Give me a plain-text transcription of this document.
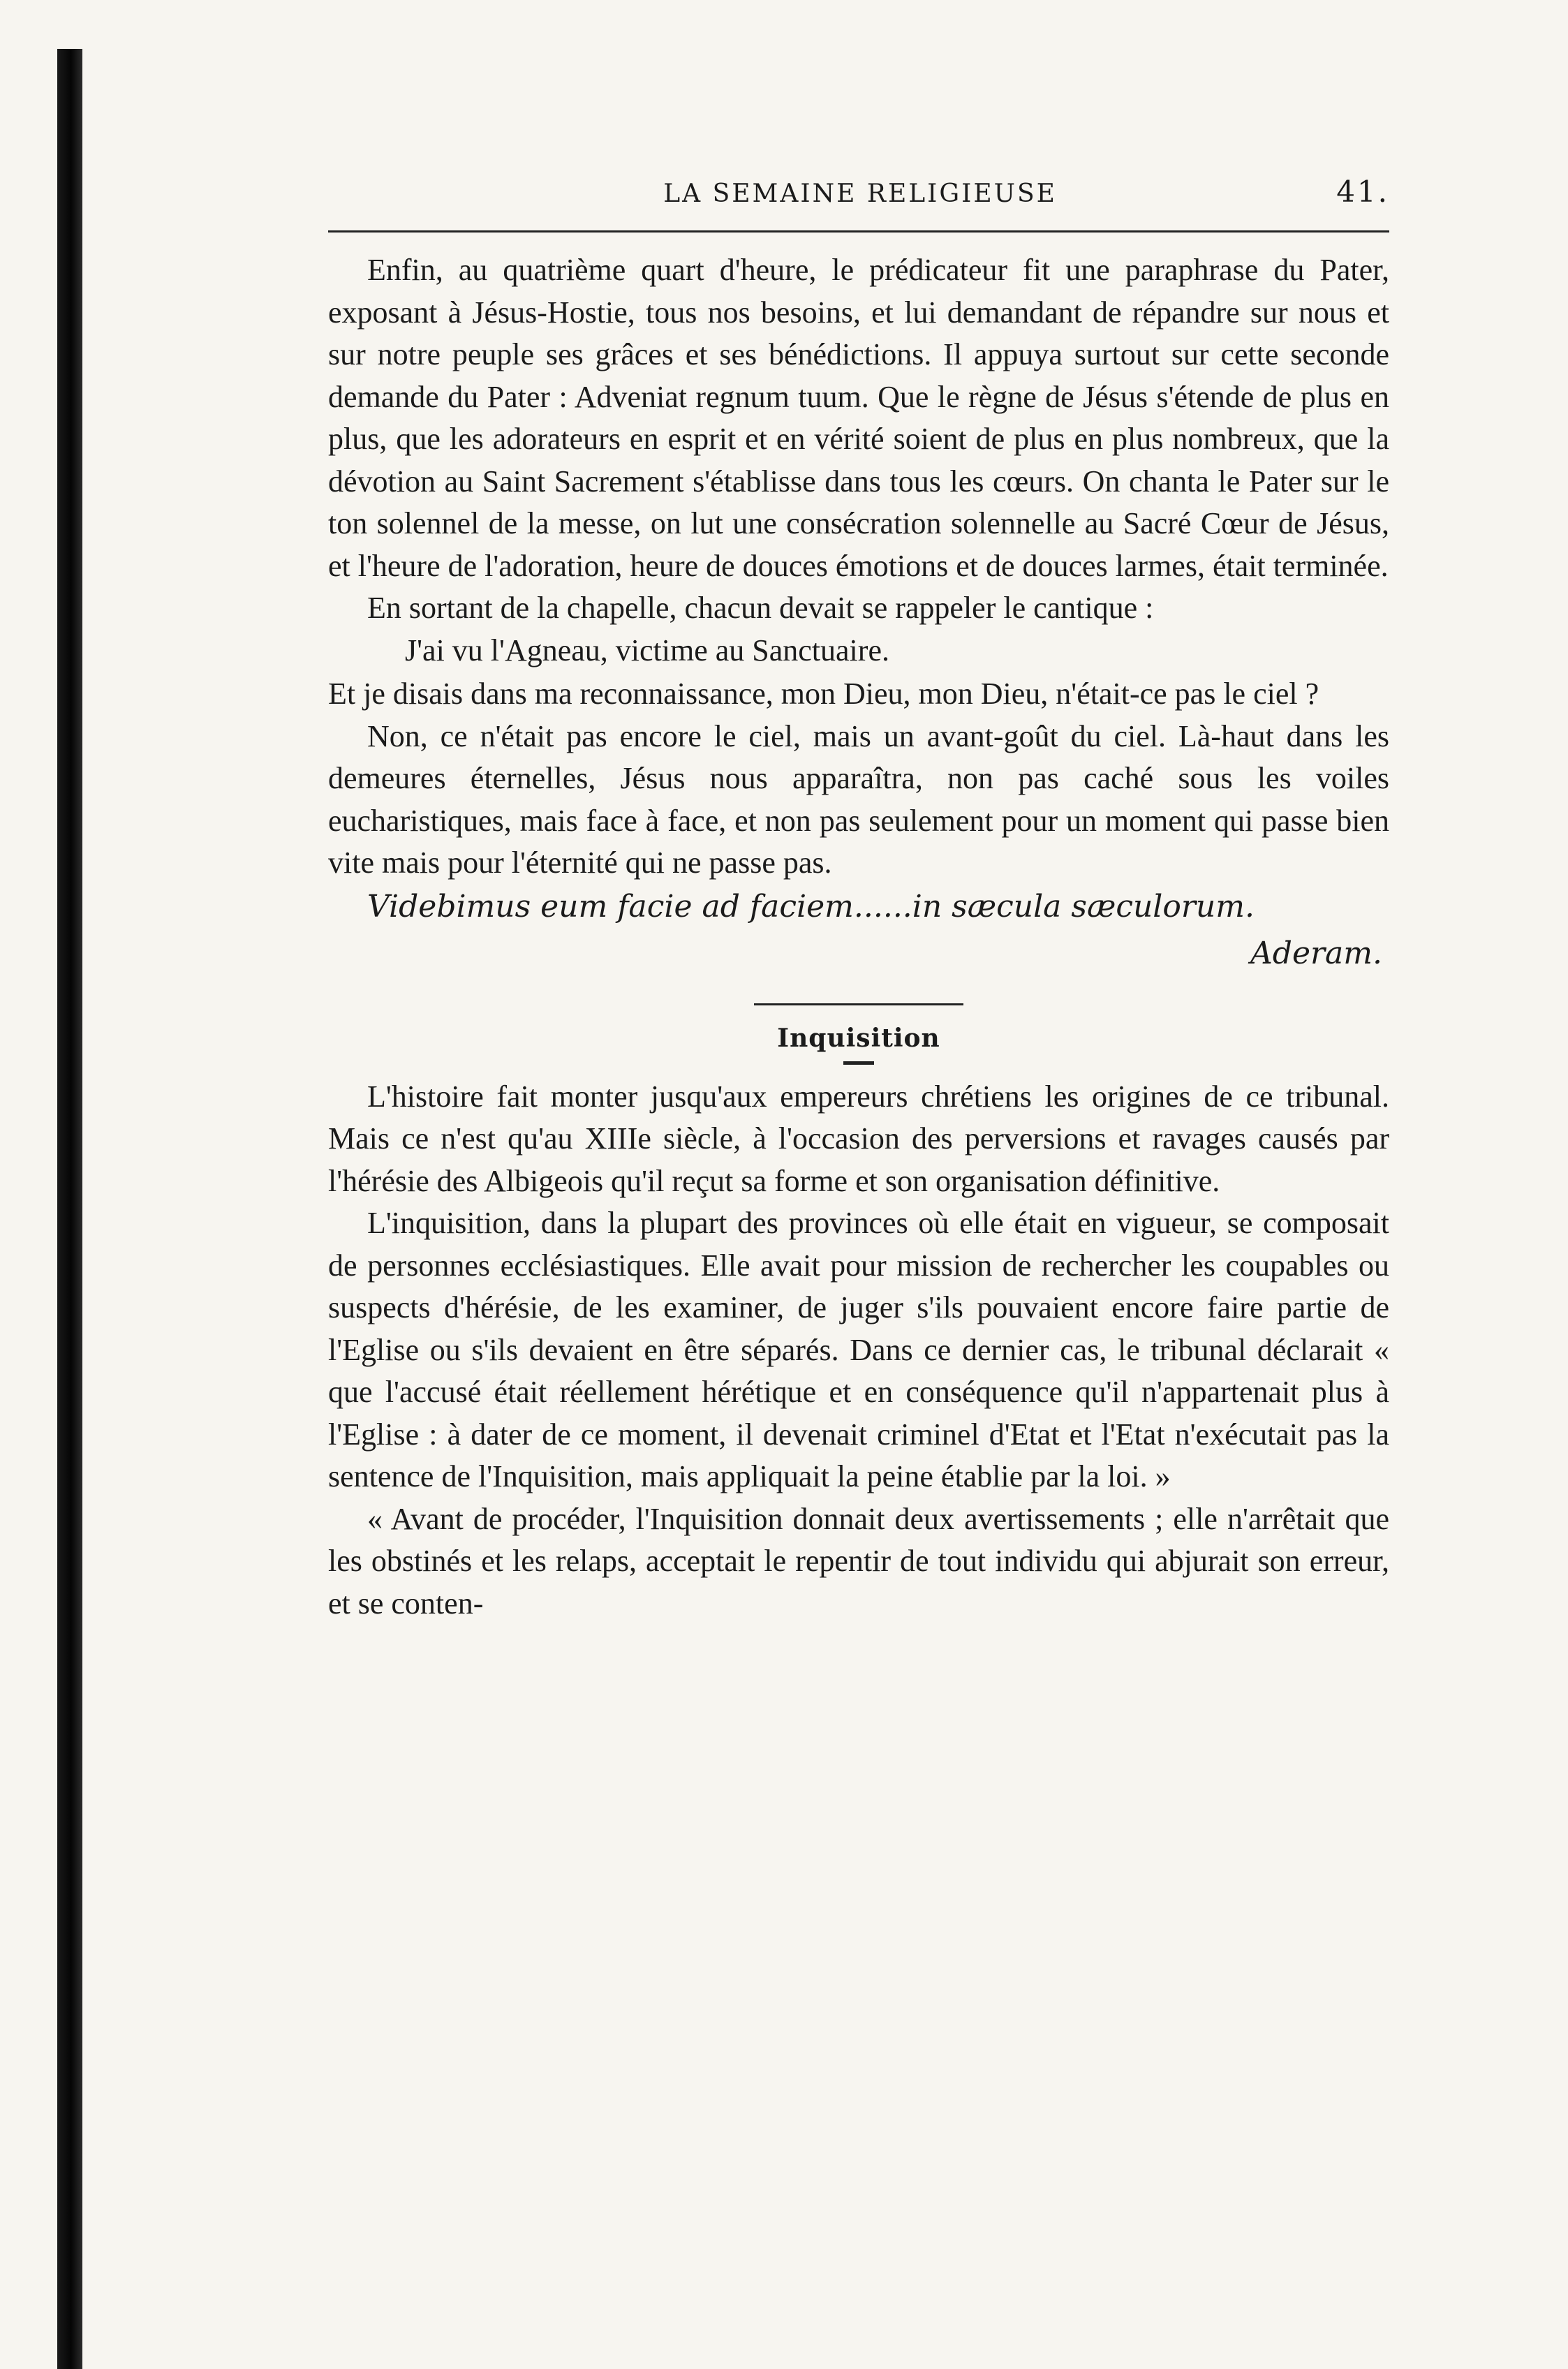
LA SEMAINE RELIGIEUSE	41.

Enfin, au quatrième quart d'heure, le prédicateur fit une paraphrase du Pater, exposant à Jésus-Hostie, tous nos besoins, et lui demandant de répandre sur nous et sur notre peuple ses grâces et ses bénédictions. Il appuya surtout sur cette seconde demande du Pater : Adveniat regnum tuum. Que le règne de Jésus s'étende de plus en plus, que les adorateurs en esprit et en vérité soient de plus en plus nombreux, que la dévotion au Saint Sacrement s'établisse dans tous les cœurs. On chanta le Pater sur le ton solennel de la messe, on lut une consécration solennelle au Sacré Cœur de Jésus, et l'heure de l'adoration, heure de douces émotions et de douces larmes, était terminée.

En sortant de la chapelle, chacun devait se rappeler le cantique :

J'ai vu l'Agneau, victime au Sanctuaire.

Et je disais dans ma reconnaissance, mon Dieu, mon Dieu, n'était-ce pas le ciel ?

Non, ce n'était pas encore le ciel, mais un avant-goût du ciel. Là-haut dans les demeures éternelles, Jésus nous apparaîtra, non pas caché sous les voiles eucharistiques, mais face à face, et non pas seulement pour un moment qui passe bien vite mais pour l'éternité qui ne passe pas.

Videbimus eum facie ad faciem......in sæcula sæculorum.
Aderam.
Inquisition

L'histoire fait monter jusqu'aux empereurs chrétiens les origines de ce tribunal. Mais ce n'est qu'au XIIIe siècle, à l'occasion des perversions et ravages causés par l'hérésie des Albigeois qu'il reçut sa forme et son organisation définitive.

L'inquisition, dans la plupart des provinces où elle était en vigueur, se composait de personnes ecclésiastiques. Elle avait pour mission de rechercher les coupables ou suspects d'hérésie, de les examiner, de juger s'ils pouvaient encore faire partie de l'Eglise ou s'ils devaient en être séparés. Dans ce dernier cas, le tribunal déclarait « que l'accusé était réellement hérétique et en conséquence qu'il n'appartenait plus à l'Eglise : à dater de ce moment, il devenait criminel d'Etat et l'Etat n'exécutait pas la sentence de l'Inquisition, mais appliquait la peine établie par la loi. »

« Avant de procéder, l'Inquisition donnait deux avertissements ; elle n'arrêtait que les obstinés et les relaps, acceptait le repentir de tout individu qui abjurait son erreur, et se conten-
